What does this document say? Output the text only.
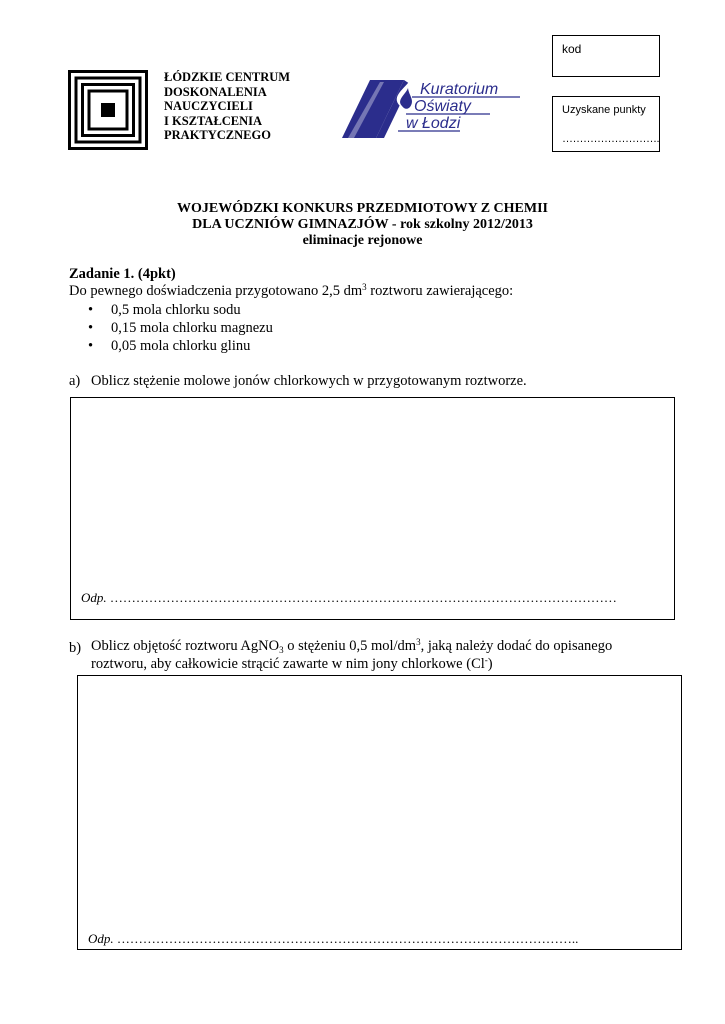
kod
Uzyskane punkty
……………………….
ŁÓDZKIE CENTRUM
DOSKONALENIA
NAUCZYCIELI
I KSZTAŁCENIA
PRAKTYCZNEGO
Kuratorium
Oświaty
w Łodzi
WOJEWÓDZKI KONKURS PRZEDMIOTOWY Z CHEMII
DLA UCZNIÓW GIMNAZJÓW - rok szkolny 2012/2013
eliminacje rejonowe
Zadanie 1. (4pkt)
Do pewnego doświadczenia przygotowano 2,5 $dm^3$ roztworu zawierającego:
• 0,5 mola chlorku sodu
• 0,15 mola chlorku magnezu
• 0,05 mola chlorku glinu
a) Oblicz stężenie molowe jonów chlorkowych w przygotowanym roztworze.
Odp. ………………………………………………………………………………………………………
b) Oblicz objętość roztworu AgNO$_3$ o stężeniu 0,5 mol/$dm^3$, jaką należy dodać do opisanego
roztworu, aby całkowicie strącić zawarte w nim jony chlorkowe (Cl-)
Odp. ……………………………………………………………………………………………..
